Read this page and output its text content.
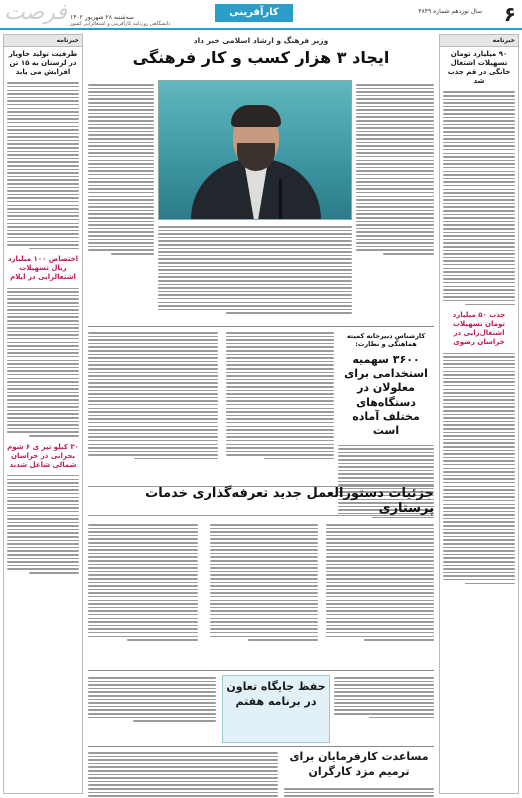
۶
سال نوزدهم شماره ۳۸۴۹
کارآفرینی
سه‌شنبه ۲۸ شهریور ۱۴۰۲
دانشگاهی روزنامه کارآفرینی و اشتغالزایی کشور
فرصت
خبرنامه
۹۰ میلیارد تومان تسهیلات اشتغال خانگی در قم جذب شد
جذب ۵۰ میلیارد تومان تسهیلات اشتغال‌زایی در خراسان رضوی
خبرنامه
ظرفیت تولید خاویار در لرستان به ۱۵ تن افزایش می یابد
اختصاص ۱۰۰ میلیارد ریال تسهیلات اشتغالزایی در ایلام
۳۰ کیلو تیر ی ۶ شوم بحرانی در خراسان شمالی شاغل شدند
وزیر فرهنگ و ارشاد اسلامی خبر داد
ایجاد ۳ هزار کسب و کار فرهنگی
کارشناس دبیرخانه کمیته هماهنگی و نظارت:
۳۶۰۰ سهمیه استخدامی برای معلولان در دستگاه‌های مختلف آماده است
جزئیات دستورالعمل جدید تعرفه‌گذاری خدمات پرستاری
حفظ جایگاه تعاون در برنامه هفتم
مساعدت کارفرمایان برای ترمیم مزد کارگران
